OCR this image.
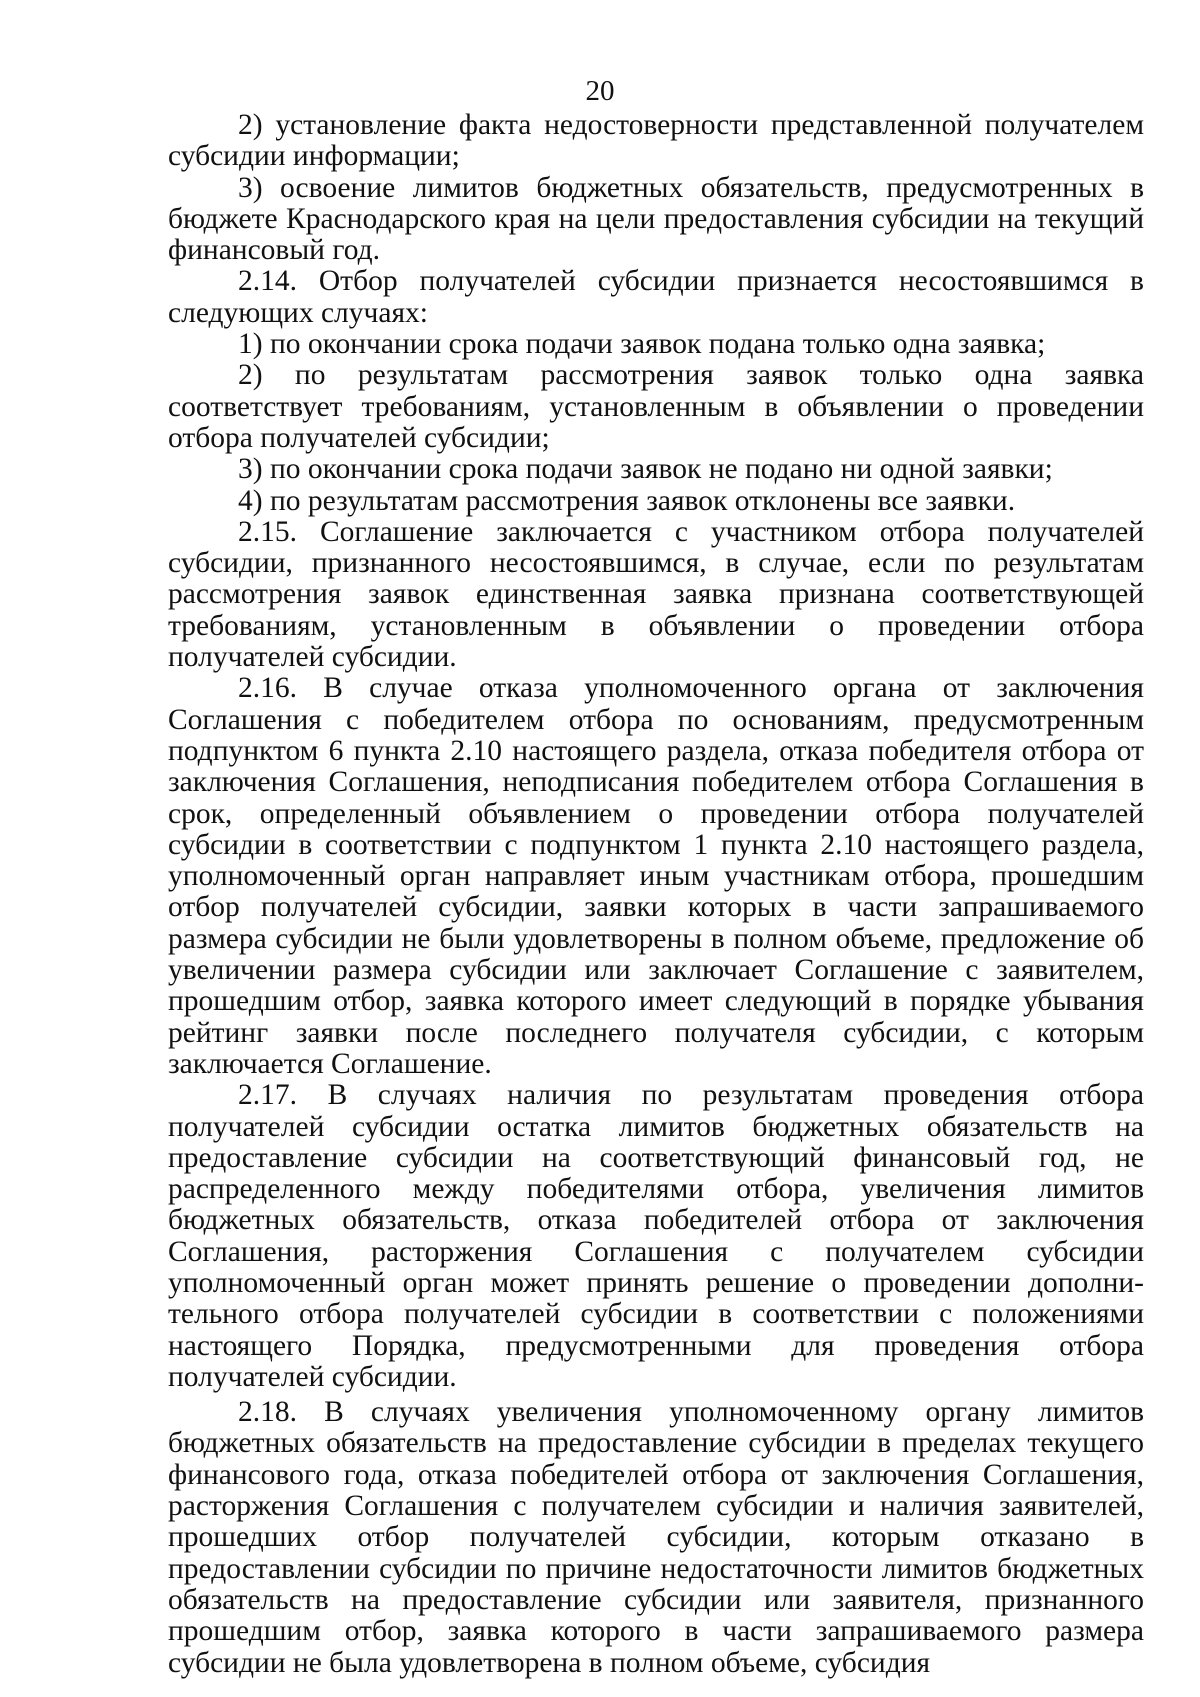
20

2) установление факта недостоверности представленной получателем субсидии информации;

3) освоение лимитов бюджетных обязательств, предусмотренных в бюджете Краснодарского края на цели предоставления субсидии на текущий финансовый год.

2.14. Отбор получателей субсидии признается несостоявшимся в следующих случаях:

1) по окончании срока подачи заявок подана только одна заявка;

2) по результатам рассмотрения заявок только одна заявка соответствует требованиям, установленным в объявлении о проведении отбора получателей субсидии;

3) по окончании срока подачи заявок не подано ни одной заявки;

4) по результатам рассмотрения заявок отклонены все заявки.

2.15. Соглашение заключается с участником отбора получателей субсидии, признанного несостоявшимся, в случае, если по результатам рассмотрения заявок единственная заявка признана соответствующей требованиям, установленным в объявлении о проведении отбора получателей субсидии.

2.16. В случае отказа уполномоченного органа от заключения Соглашения с победителем отбора по основаниям, предусмотренным подпунктом 6 пункта 2.10 настоящего раздела, отказа победителя отбора от заключения Соглашения, неподписания победителем отбора Соглашения в срок, определенный объявлением о проведении отбора получателей субсидии в соответствии с подпунктом 1 пункта 2.10 настоящего раздела, уполномоченный орган направляет иным участникам отбора, прошедшим отбор получателей субсидии, заявки которых в части запрашиваемого размера субсидии не были удовлетворены в полном объеме, предложение об увеличении размера субсидии или заключает Соглашение с заявителем, прошедшим отбор, заявка которого имеет следующий в порядке убывания рейтинг заявки после последнего получателя субсидии, с которым заключается Соглашение.

2.17. В случаях наличия по результатам проведения отбора получателей субсидии остатка лимитов бюджетных обязательств на предоставление субсидии на соответствующий финансовый год, не распределенного между победителями отбора, увеличения лимитов бюджетных обязательств, отказа победителей отбора от заключения Соглашения, расторжения Соглашения с получателем субсидии уполномоченный орган может принять решение о проведении дополнительного отбора получателей субсидии в соответствии с положениями настоящего Порядка, предусмотренными для проведения отбора получателей субсидии.

2.18. В случаях увеличения уполномоченному органу лимитов бюджетных обязательств на предоставление субсидии в пределах текущего финансового года, отказа победителей отбора от заключения Соглашения, расторжения Соглашения с получателем субсидии и наличия заявителей, прошедших отбор получателей субсидии, которым отказано в предоставлении субсидии по причине недостаточности лимитов бюджетных обязательств на предоставление субсидии или заявителя, признанного прошедшим отбор, заявка которого в части запрашиваемого размера субсидии не была удовлетворена в полном объеме, субсидия
